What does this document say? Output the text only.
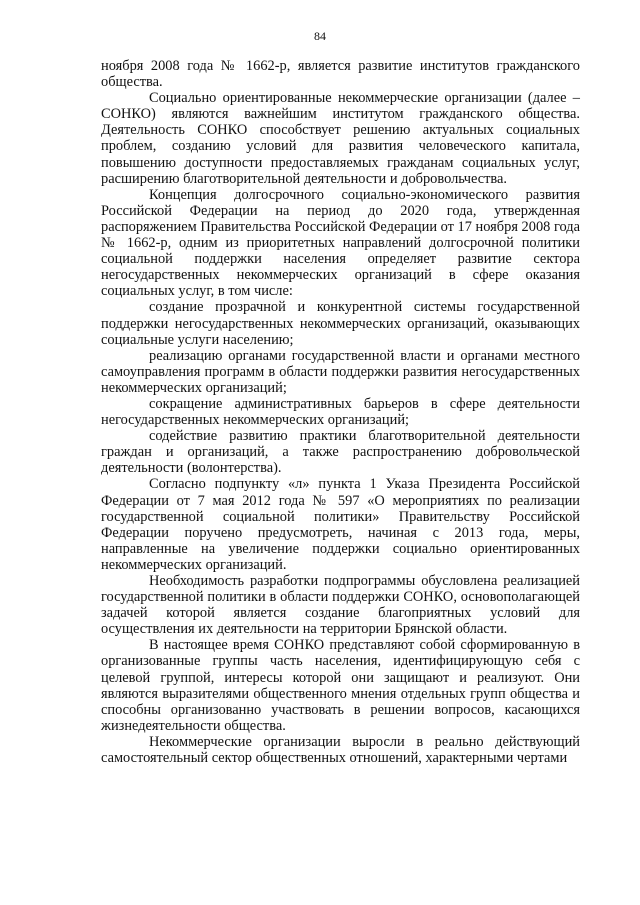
84

ноября 2008 года № 1662-р, является развитие институтов гражданского общества.

Социально ориентированные некоммерческие организации (далее – СОНКО) являются важнейшим институтом гражданского общества. Деятельность СОНКО способствует решению актуальных социальных проблем, созданию условий для развития человеческого капитала, повышению доступности предоставляемых гражданам социальных услуг, расширению благотворительной деятельности и добровольчества.

Концепция долгосрочного социально-экономического развития Российской Федерации на период до 2020 года, утвержденная распоряжением Правительства Российской Федерации от 17 ноября 2008 года № 1662-р, одним из приоритетных направлений долгосрочной политики социальной поддержки населения определяет развитие сектора негосударственных некоммерческих организаций в сфере оказания социальных услуг, в том числе:

создание прозрачной и конкурентной системы государственной поддержки негосударственных некоммерческих организаций, оказывающих социальные услуги населению;

реализацию органами государственной власти и органами местного самоуправления программ в области поддержки развития негосударственных некоммерческих организаций;

сокращение административных барьеров в сфере деятельности негосударственных некоммерческих организаций;

содействие развитию практики благотворительной деятельности граждан и организаций, а также распространению добровольческой деятельности (волонтерства).

Согласно подпункту «л» пункта 1 Указа Президента Российской Федерации от 7 мая 2012 года № 597 «О мероприятиях по реализации государственной социальной политики» Правительству Российской Федерации поручено предусмотреть, начиная с 2013 года, меры, направленные на увеличение поддержки социально ориентированных некоммерческих организаций.

Необходимость разработки подпрограммы обусловлена реализацией государственной политики в области поддержки СОНКО, основополагающей задачей которой является создание благоприятных условий для осуществления их деятельности на территории Брянской области.

В настоящее время СОНКО представляют собой сформированную в организованные группы часть населения, идентифицирующую себя с целевой группой, интересы которой они защищают и реализуют. Они являются выразителями общественного мнения отдельных групп общества и способны организованно участвовать в решении вопросов, касающихся жизнедеятельности общества.

Некоммерческие организации выросли в реально действующий самостоятельный сектор общественных отношений, характерными чертами
